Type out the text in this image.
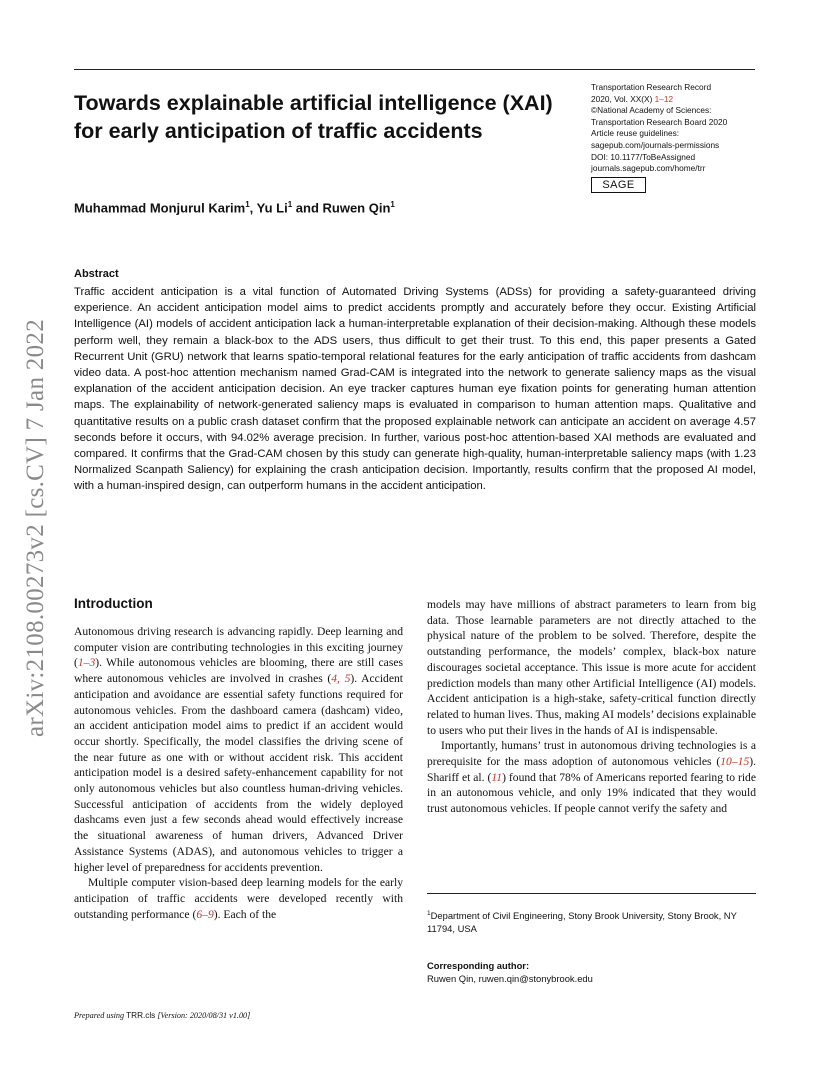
arXiv:2108.00273v2 [cs.CV] 7 Jan 2022
Towards explainable artificial intelligence (XAI) for early anticipation of traffic accidents
Transportation Research Record
2020, Vol. XX(X) 1–12
©National Academy of Sciences:
Transportation Research Board 2020
Article reuse guidelines:
sagepub.com/journals-permissions
DOI: 10.1177/ToBeAssigned
journals.sagepub.com/home/trr
SAGE
Muhammad Monjurul Karim$^1$, Yu Li$^1$ and Ruwen Qin$^1$
Abstract

Traffic accident anticipation is a vital function of Automated Driving Systems (ADSs) for providing a safety-guaranteed driving experience. An accident anticipation model aims to predict accidents promptly and accurately before they occur. Existing Artificial Intelligence (AI) models of accident anticipation lack a human-interpretable explanation of their decision-making. Although these models perform well, they remain a black-box to the ADS users, thus difficult to get their trust. To this end, this paper presents a Gated Recurrent Unit (GRU) network that learns spatio-temporal relational features for the early anticipation of traffic accidents from dashcam video data. A post-hoc attention mechanism named Grad-CAM is integrated into the network to generate saliency maps as the visual explanation of the accident anticipation decision. An eye tracker captures human eye fixation points for generating human attention maps. The explainability of network-generated saliency maps is evaluated in comparison to human attention maps. Qualitative and quantitative results on a public crash dataset confirm that the proposed explainable network can anticipate an accident on average 4.57 seconds before it occurs, with 94.02% average precision. In further, various post-hoc attention-based XAI methods are evaluated and compared. It confirms that the Grad-CAM chosen by this study can generate high-quality, human-interpretable saliency maps (with 1.23 Normalized Scanpath Saliency) for explaining the crash anticipation decision. Importantly, results confirm that the proposed AI model, with a human-inspired design, can outperform humans in the accident anticipation.

Introduction

Autonomous driving research is advancing rapidly. Deep learning and computer vision are contributing technologies in this exciting journey (1–3). While autonomous vehicles are blooming, there are still cases where autonomous vehicles are involved in crashes (4, 5). Accident anticipation and avoidance are essential safety functions required for autonomous vehicles. From the dashboard camera (dashcam) video, an accident anticipation model aims to predict if an accident would occur shortly. Specifically, the model classifies the driving scene of the near future as one with or without accident risk. This accident anticipation model is a desired safety-enhancement capability for not only autonomous vehicles but also countless human-driving vehicles. Successful anticipation of accidents from the widely deployed dashcams even just a few seconds ahead would effectively increase the situational awareness of human drivers, Advanced Driver Assistance Systems (ADAS), and autonomous vehicles to trigger a higher level of preparedness for accidents prevention.

Multiple computer vision-based deep learning models for the early anticipation of traffic accidents were developed recently with outstanding performance (6–9). Each of the

models may have millions of abstract parameters to learn from big data. Those learnable parameters are not directly attached to the physical nature of the problem to be solved. Therefore, despite the outstanding performance, the models’ complex, black-box nature discourages societal acceptance. This issue is more acute for accident prediction models than many other Artificial Intelligence (AI) models. Accident anticipation is a high-stake, safety-critical function directly related to human lives. Thus, making AI models’ decisions explainable to users who put their lives in the hands of AI is indispensable.

Importantly, humans’ trust in autonomous driving technologies is a prerequisite for the mass adoption of autonomous vehicles (10–15). Shariff et al. (11) found that 78% of Americans reported fearing to ride in an autonomous vehicle, and only 19% indicated that they would trust autonomous vehicles. If people cannot verify the safety and

$^1$Department of Civil Engineering, Stony Brook University, Stony Brook, NY 11794, USA
Corresponding author:
Ruwen Qin, ruwen.qin@stonybrook.edu
Prepared using TRR.cls [Version: 2020/08/31 v1.00]
